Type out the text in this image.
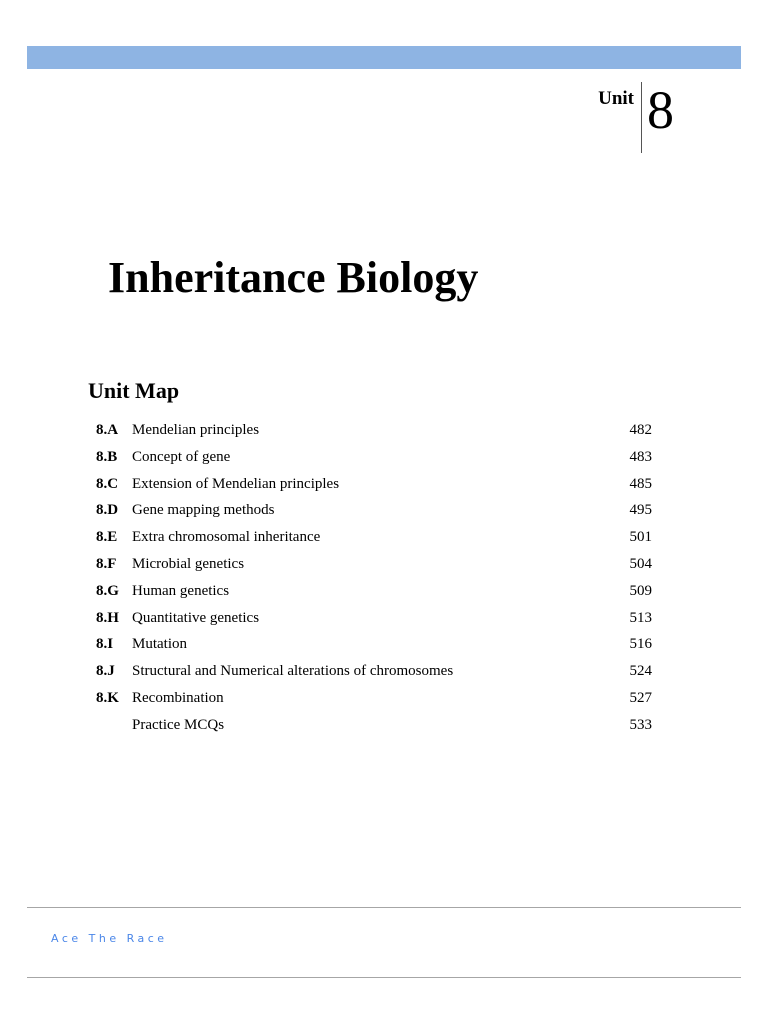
Unit 8
Inheritance Biology
Unit Map
8.A Mendelian principles	482
8.B Concept of gene	483
8.C Extension of Mendelian principles	485
8.D Gene mapping methods	495
8.E Extra chromosomal inheritance	501
8.F Microbial genetics	504
8.G Human genetics	509
8.H Quantitative genetics	513
8.I Mutation	516
8.J Structural and Numerical alterations of chromosomes	524
8.K Recombination	527
Practice MCQs	533
Ace The Race
